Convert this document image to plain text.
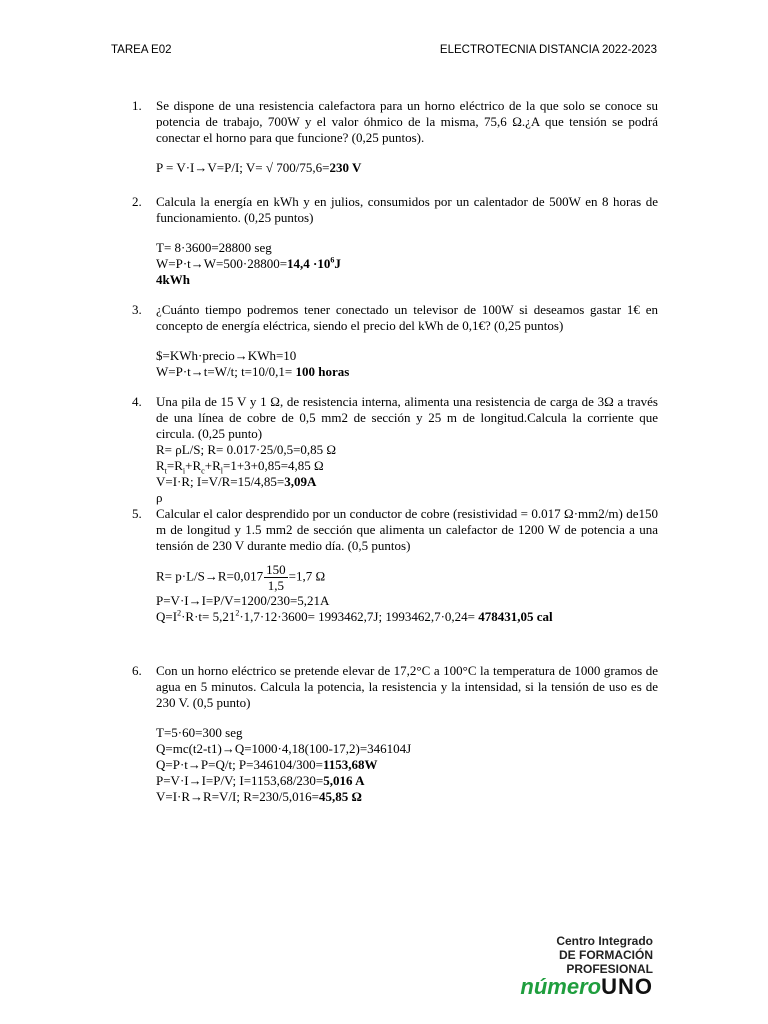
TAREA E02	ELECTROTECNIA DISTANCIA 2022-2023
1. Se dispone de una resistencia calefactora para un horno eléctrico de la que solo se conoce su potencia de trabajo, 700W y el valor óhmico de la misma, 75,6 Ω.¿A que tensión se podrá conectar el horno para que funcione? (0,25 puntos).
P = V·I→V=P/I; V= √ 700/75,6=230 V
2. Calcula la energía en kWh y en julios, consumidos por un calentador de 500W en 8 horas de funcionamiento. (0,25 puntos)
T= 8·3600=28800 seg
$W=P\cdot t\to W=500\cdot 28800=14,4 \cdot 10^6J$
4kWh
3. ¿Cuánto tiempo podremos tener conectado un televisor de 100W si deseamos gastar 1€ en concepto de energía eléctrica, siendo el precio del kWh de 0,1€? (0,25 puntos)
$=KWh·precio→KWh=10
W=P·t→t=W/t; t=10/0,1= 100 horas
4. Una pila de 15 V y 1 Ω, de resistencia interna, alimenta una resistencia de carga de 3Ω a través de una línea de cobre de 0,5 mm2 de sección y 25 m de longitud.Calcula la corriente que circula. (0,25 punto)
R= ρL/S; R= 0.017·25/0,5=0,85 Ω
$R_t=R_i+R_c+R_l=1+3+0,85=4,85$ Ω
V=I·R; I=V/R=15/4,85=3,09A
ρ
5. Calcular el calor desprendido por un conductor de cobre (resistividad = 0.017 Ω·mm2/m) de150 m de longitud y 1.5 mm2 de sección que alimenta un calefactor de 1200 W de potencia a una tensión de 230 V durante medio día. (0,5 puntos)
$R= p\cdot L/S\to R=0,017 \frac{150}{1,5} =1,7$ Ω
P=V·I→I=P/V=1200/230=5,21A
$Q=I^2\cdot R\cdot t= 5,21^2\cdot 1,7\cdot 12\cdot 3600= 1993462,7J$; 1993462,7·0,24= 478431,05 cal
6. Con un horno eléctrico se pretende elevar de 17,2°C a 100°C la temperatura de 1000 gramos de agua en 5 minutos. Calcula la potencia, la resistencia y la intensidad, si la tensión de uso es de 230 V. (0,5 punto)
T=5·60=300 seg
Q=mc(t2-t1)→Q=1000·4,18(100-17,2)=346104J
Q=P·t→P=Q/t; P=346104/300=1153,68W
P=V·I→I=P/V; I=1153,68/230=5,016 A
V=I·R→R=V/I; R=230/5,016=45,85 Ω
Centro Integrado
DE FORMACIÓN PROFESIONAL
númeroUNO
